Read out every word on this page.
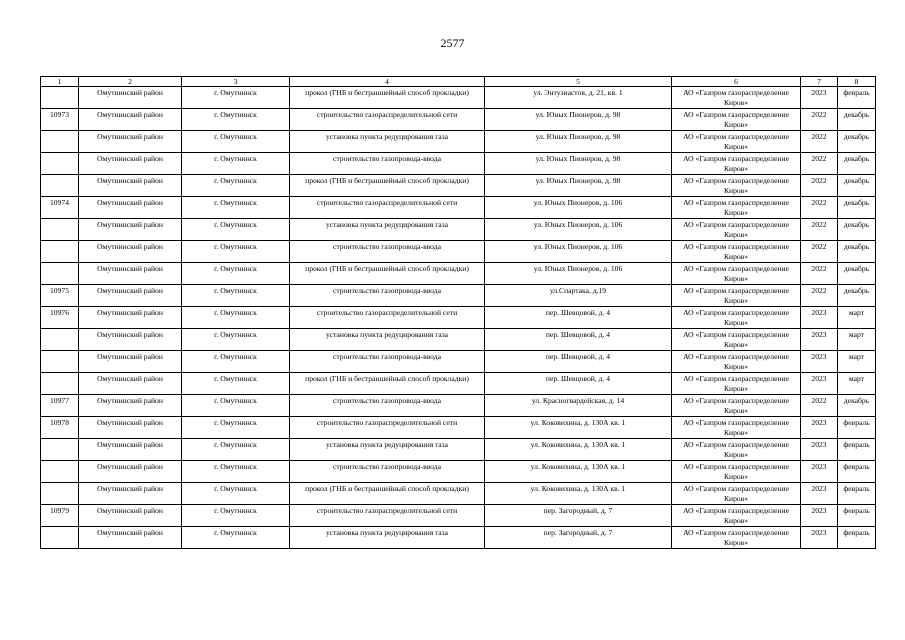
2577
1	2	3	4	5	6	7	8
	Омутнинский район	г. Омутнинск	прокол (ГНБ и бестраншейный способ прокладки)	ул. Энтузиастов, д. 21, кв. 1	АО «Газпром газораспределение Киров»	2023	февраль
10973	Омутнинский район	г. Омутнинск	строительство газораспределительной сети	ул. Юных Пионеров, д. 98	АО «Газпром газораспределение Киров»	2022	декабрь
	Омутнинский район	г. Омутнинск	установка пункта редуцирования газа	ул. Юных Пионеров, д. 98	АО «Газпром газораспределение Киров»	2022	декабрь
	Омутнинский район	г. Омутнинск	строительство газопровода-ввода	ул. Юных Пионеров, д. 98	АО «Газпром газораспределение Киров»	2022	декабрь
	Омутнинский район	г. Омутнинск	прокол (ГНБ и бестраншейный способ прокладки)	ул. Юных Пионеров, д. 98	АО «Газпром газораспределение Киров»	2022	декабрь
10974	Омутнинский район	г. Омутнинск	строительство газораспределительной сети	ул. Юных Пионеров, д. 106	АО «Газпром газораспределение Киров»	2022	декабрь
	Омутнинский район	г. Омутнинск	установка пункта редуцирования газа	ул. Юных Пионеров, д. 106	АО «Газпром газораспределение Киров»	2022	декабрь
	Омутнинский район	г. Омутнинск	строительство газопровода-ввода	ул. Юных Пионеров, д. 106	АО «Газпром газораспределение Киров»	2022	декабрь
	Омутнинский район	г. Омутнинск	прокол (ГНБ и бестраншейный способ прокладки)	ул. Юных Пионеров, д. 106	АО «Газпром газораспределение Киров»	2022	декабрь
10975	Омутнинский район	г. Омутнинск	строительство газопровода-ввода	ул.Спартака, д.19	АО «Газпром газораспределение Киров»	2022	декабрь
10976	Омутнинский район	г. Омутнинск	строительство газораспределительной сети	пер. Шевцовой, д. 4	АО «Газпром газораспределение Киров»	2023	март
	Омутнинский район	г. Омутнинск	установка пункта редуцирования газа	пер. Шевцовой, д. 4	АО «Газпром газораспределение Киров»	2023	март
	Омутнинский район	г. Омутнинск	строительство газопровода-ввода	пер. Шевцовой, д. 4	АО «Газпром газораспределение Киров»	2023	март
	Омутнинский район	г. Омутнинск	прокол (ГНБ и бестраншейный способ прокладки)	пер. Шевцовой, д. 4	АО «Газпром газораспределение Киров»	2023	март
10977	Омутнинский район	г. Омутнинск	строительство газопровода-ввода	ул. Красногвардейская, д. 14	АО «Газпром газораспределение Киров»	2022	декабрь
10978	Омутнинский район	г. Омутнинск	строительство газораспределительной сети	ул. Коковихина, д. 130А кв. 1	АО «Газпром газораспределение Киров»	2023	февраль
	Омутнинский район	г. Омутнинск	установка пункта редуцирования газа	ул. Коковихина, д. 130А кв. 1	АО «Газпром газораспределение Киров»	2023	февраль
	Омутнинский район	г. Омутнинск	строительство газопровода-ввода	ул. Коковихина, д. 130А кв. 1	АО «Газпром газораспределение Киров»	2023	февраль
	Омутнинский район	г. Омутнинск	прокол (ГНБ и бестраншейный способ прокладки)	ул. Коковихина, д. 130А кв. 1	АО «Газпром газораспределение Киров»	2023	февраль
10979	Омутнинский район	г. Омутнинск	строительство газораспределительной сети	пер. Загородный, д. 7	АО «Газпром газораспределение Киров»	2023	февраль
	Омутнинский район	г. Омутнинск	установка пункта редуцирования газа	пер. Загородный, д. 7	АО «Газпром газораспределение Киров»	2023	февраль
